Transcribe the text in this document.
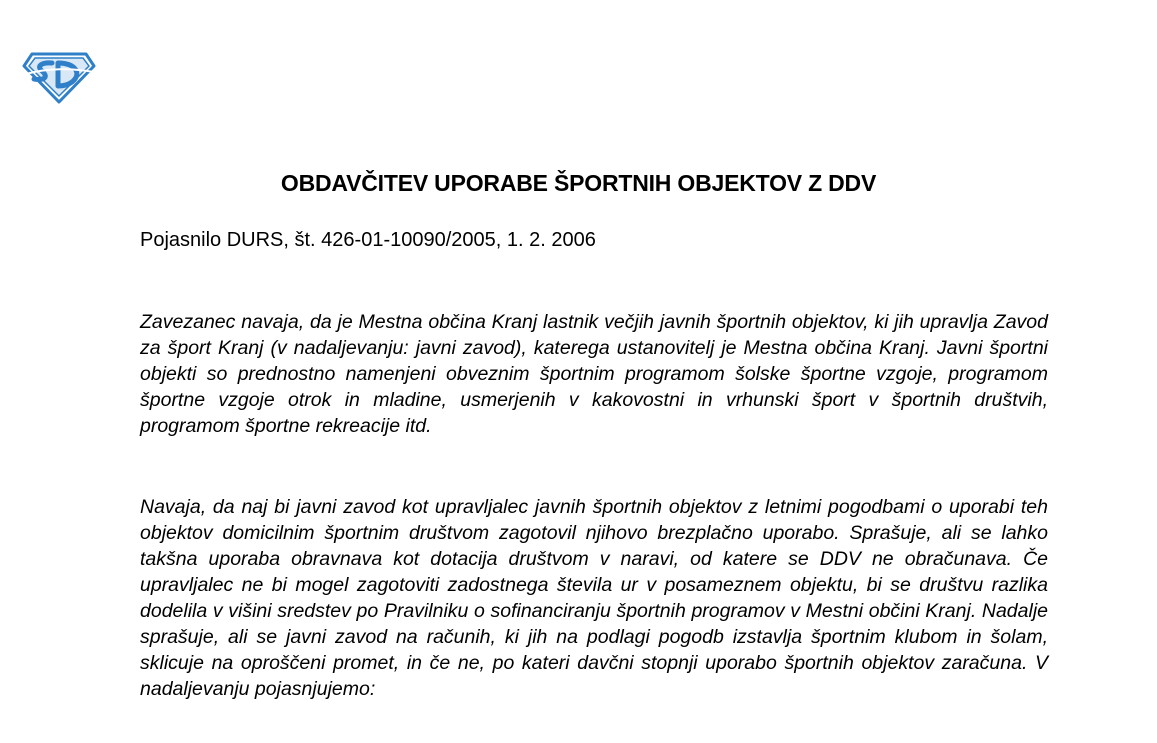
OBDAVČITEV UPORABE ŠPORTNIH OBJEKTOV Z DDV

Pojasnilo DURS, št. 426-01-10090/2005, 1. 2. 2006

Zavezanec navaja, da je Mestna občina Kranj lastnik večjih javnih športnih objektov, ki jih upravlja Zavod za šport Kranj (v nadaljevanju: javni zavod), katerega ustanovitelj je Mestna občina Kranj. Javni športni objekti so prednostno namenjeni obveznim športnim programom šolske športne vzgoje, programom športne vzgoje otrok in mladine, usmerjenih v kakovostni in vrhunski šport v športnih društvih, programom športne rekreacije itd.

Navaja, da naj bi javni zavod kot upravljalec javnih športnih objektov z letnimi pogodbami o uporabi teh objektov domicilnim športnim društvom zagotovil njihovo brezplačno uporabo. Sprašuje, ali se lahko takšna uporaba obravnava kot dotacija društvom v naravi, od katere se DDV ne obračunava. Če upravljalec ne bi mogel zagotoviti zadostnega števila ur v posameznem objektu, bi se društvu razlika dodelila v višini sredstev po Pravilniku o sofinanciranju športnih programov v Mestni občini Kranj. Nadalje sprašuje, ali se javni zavod na računih, ki jih na podlagi pogodb izstavlja športnim klubom in šolam, sklicuje na oproščeni promet, in če ne, po kateri davčni stopnji uporabo športnih objektov zaračuna. V nadaljevanju pojasnjujemo:
